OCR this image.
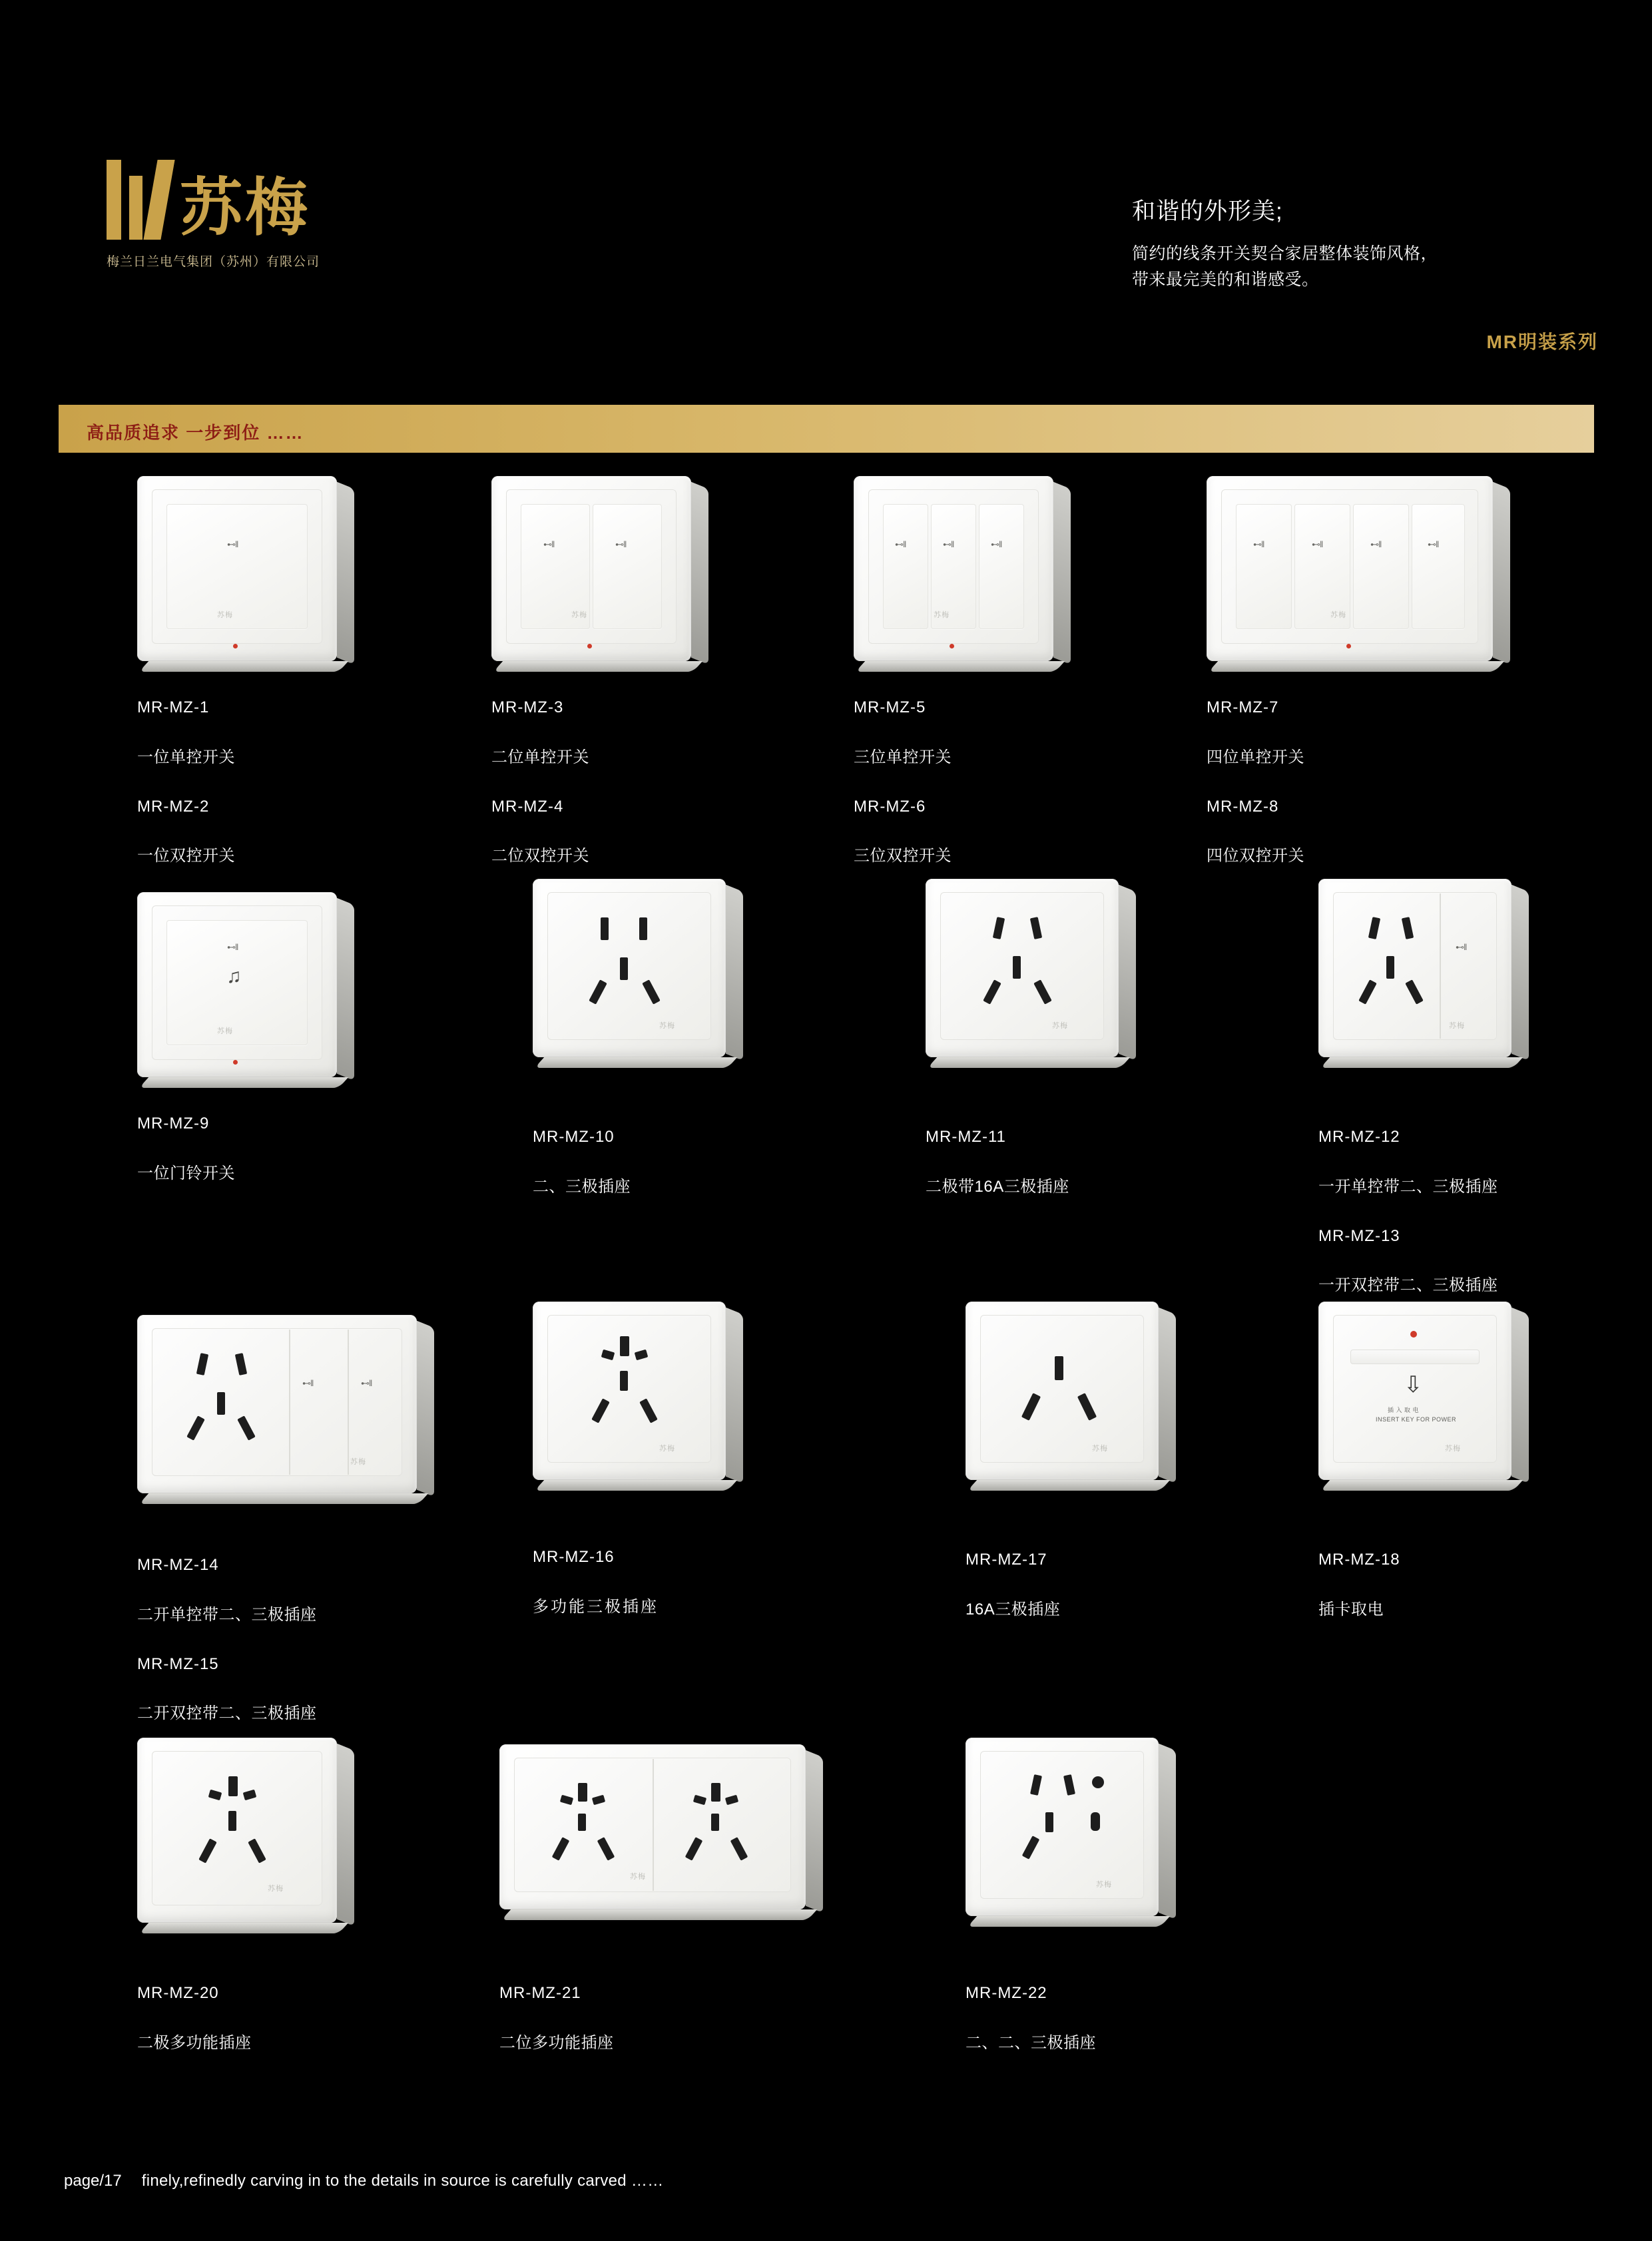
苏梅
梅兰日兰电气集团（苏州）有限公司
和谐的外形美;
简约的线条开关契合家居整体装饰风格，
带来最完美的和谐感受。
MR明装系列
高品质追求 一步到位 ……
⊷‖
苏梅

MR-MZ-1

一位单控开关

MR-MZ-2

一位双控开关

⊷‖	⊷‖
苏梅

MR-MZ-3

二位单控开关

MR-MZ-4

二位双控开关

⊷‖	⊷‖	⊷‖
苏梅

MR-MZ-5

三位单控开关

MR-MZ-6

三位双控开关

⊷‖	⊷‖	⊷‖	⊷‖
苏梅

MR-MZ-7

四位单控开关

MR-MZ-8

四位双控开关

⊷‖
♫
苏梅

MR-MZ-9

一位门铃开关

苏梅

MR-MZ-10

二、三极插座

苏梅

MR-MZ-11

二极带16A三极插座

⊷‖
苏梅

MR-MZ-12

一开单控带二、三极插座

MR-MZ-13

一开双控带二、三极插座

⊷‖	⊷‖
苏梅

MR-MZ-14

二开单控带二、三极插座

MR-MZ-15

二开双控带二、三极插座

苏梅

MR-MZ-16

多功能三极插座

苏梅

MR-MZ-17

16A三极插座

⇩
插 入 取 电
INSERT KEY FOR POWER
苏梅

MR-MZ-18

插卡取电

苏梅

MR-MZ-20

二极多功能插座

苏梅

MR-MZ-21

二位多功能插座

苏梅

MR-MZ-22

二、二、三极插座

page/17 finely,refinedly carving in to the details in source is carefully carved ……
